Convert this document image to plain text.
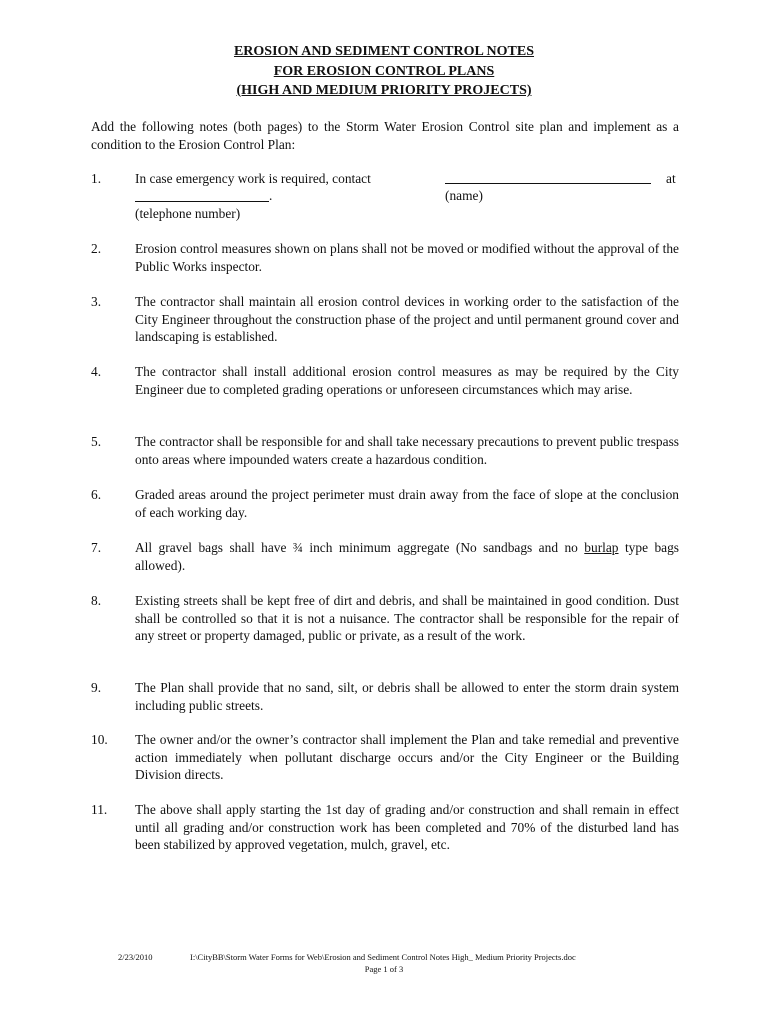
EROSION AND SEDIMENT CONTROL NOTES
FOR EROSION CONTROL PLANS
(HIGH AND MEDIUM PRIORITY PROJECTS)
Add the following notes (both pages) to the Storm Water Erosion Control site plan and implement as a condition to the Erosion Control Plan:
1.	In case emergency work is required, contact	at
.	(name)
(telephone number)
2.	Erosion control measures shown on plans shall not be moved or modified without the approval of the Public Works inspector.
3.	The contractor shall maintain all erosion control devices in working order to the satisfaction of the City Engineer throughout the construction phase of the project and until permanent ground cover and landscaping is established.
4.	The contractor shall install additional erosion control measures as may be required by the City Engineer due to completed grading operations or unforeseen circumstances which may arise.
5.	The contractor shall be responsible for and shall take necessary precautions to prevent public trespass onto areas where impounded waters create a hazardous condition.
6.	Graded areas around the project perimeter must drain away from the face of slope at the conclusion of each working day.
7.	All gravel bags shall have ¾ inch minimum aggregate (No sandbags and no burlap type bags allowed).
8.	Existing streets shall be kept free of dirt and debris, and shall be maintained in good condition. Dust shall be controlled so that it is not a nuisance. The contractor shall be responsible for the repair of any street or property damaged, public or private, as a result of the work.
9.	The Plan shall provide that no sand, silt, or debris shall be allowed to enter the storm drain system including public streets.
10. The owner and/or the owner’s contractor shall implement the Plan and take remedial and preventive action immediately when pollutant discharge occurs and/or the City Engineer or the Building Division directs.
11. The above shall apply starting the 1st day of grading and/or construction and shall remain in effect until all grading and/or construction work has been completed and 70% of the disturbed land has been stabilized by approved vegetation, mulch, gravel, etc.
2/23/2010	I:\CityBB\Storm Water Forms for Web\Erosion and Sediment Control Notes High_ Medium Priority Projects.doc
Page 1 of 3
